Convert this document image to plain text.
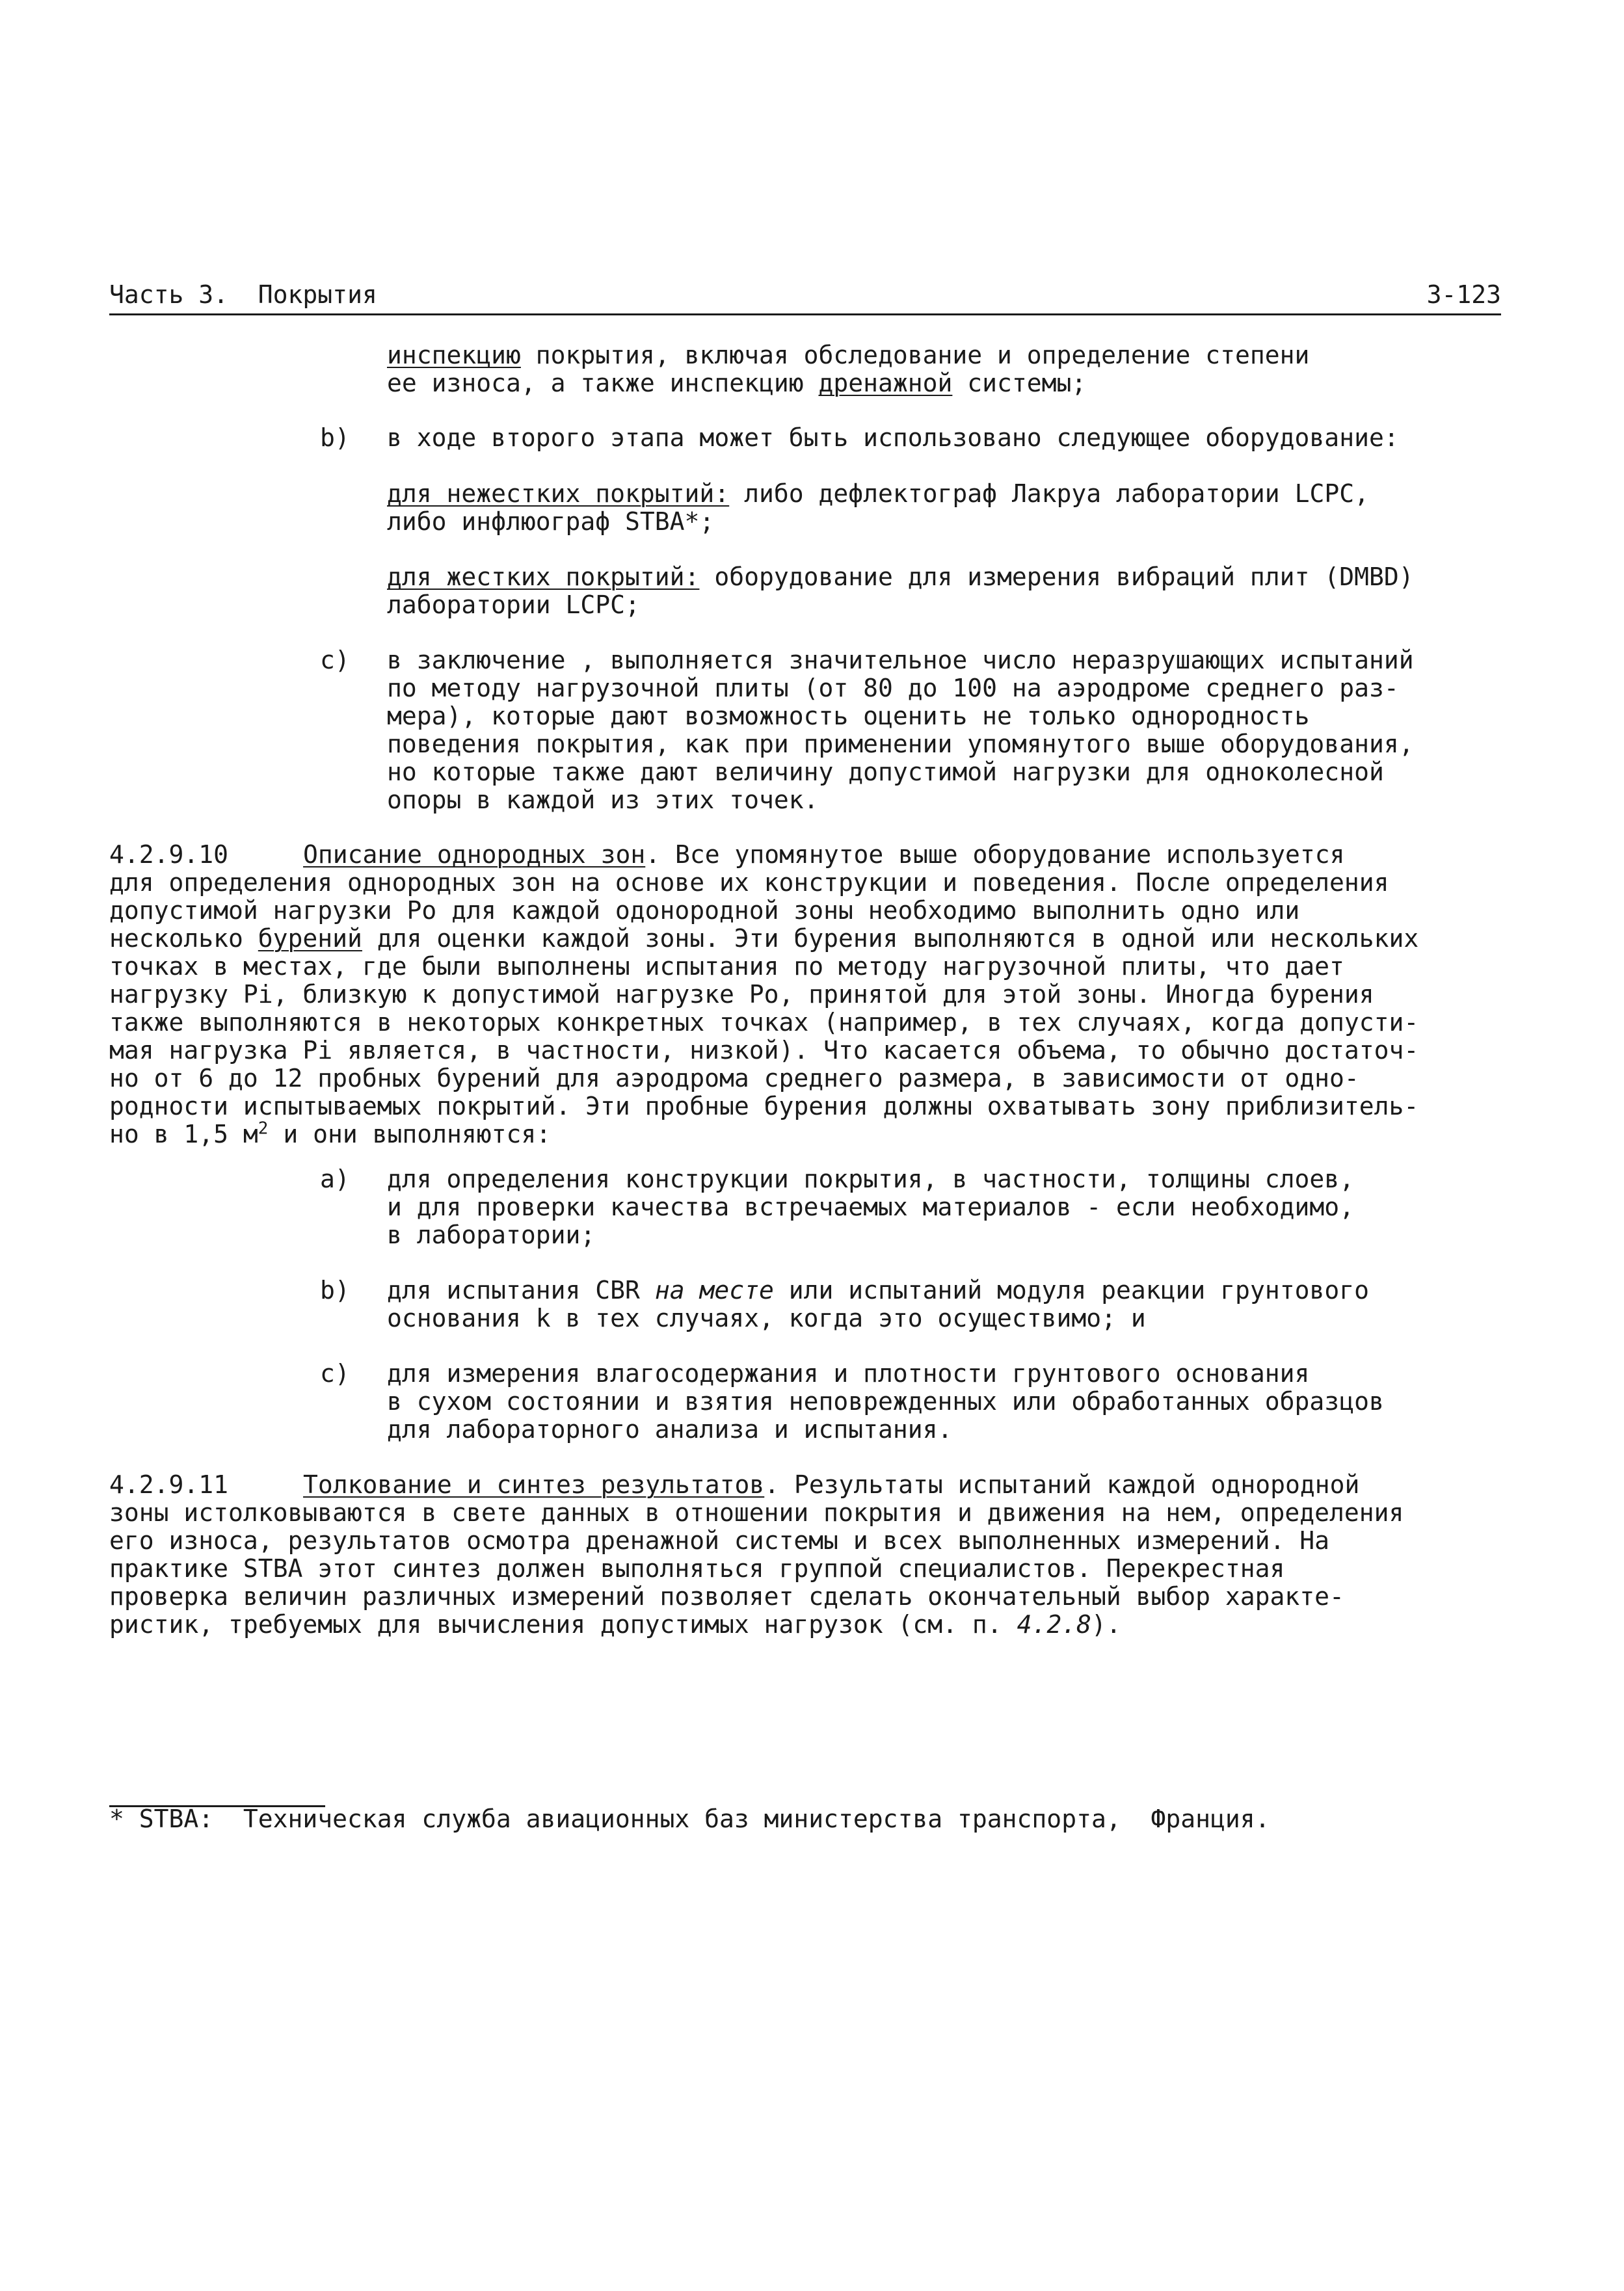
Часть 3. Покрытия	3-123
инспекцию покрытия, включая обследование и определение степени
ее износа, а также инспекцию дренажной системы;
b) в ходе второго этапа может быть использовано следующее оборудование:
для нежестких покрытий: либо дефлектограф Лакруа лаборатории LCPC,
либо инфлюограф STBA*;
для жестких покрытий: оборудование для измерения вибраций плит (DMBD)
лаборатории LCPC;
c) в заключение , выполняется значительное число неразрушающих испытаний
по методу нагрузочной плиты (от 80 до 100 на аэродроме среднего раз-
мера), которые дают возможность оценить не только однородность
поведения покрытия, как при применении упомянутого выше оборудования,
но которые также дают величину допустимой нагрузки для одноколесной
опоры в каждой из этих точек.
4.2.9.10	Описание однородных зон. Все упомянутое выше оборудование используется
для определения однородных зон на основе их конструкции и поведения. После определения
допустимой нагрузки Po для каждой одонородной зоны необходимо выполнить одно или
несколько бурений для оценки каждой зоны. Эти бурения выполняются в одной или нескольких
точках в местах, где были выполнены испытания по методу нагрузочной плиты, что дает
нагрузку Pi, близкую к допустимой нагрузке Po, принятой для этой зоны. Иногда бурения
также выполняются в некоторых конкретных точках (например, в тех случаях, когда допусти-
мая нагрузка Pi является, в частности, низкой). Что касается объема, то обычно достаточ-
но от 6 до 12 пробных бурений для аэродрома среднего размера, в зависимости от одно-
родности испытываемых покрытий. Эти пробные бурения должны охватывать зону приблизитель-
но в 1,5 $м^2$ и они выполняются:
a) для определения конструкции покрытия, в частности, толщины слоев,
и для проверки качества встречаемых материалов - если необходимо,
в лаборатории;
b) для испытания CBR на месте или испытаний модуля реакции грунтового
основания k в тех случаях, когда это осуществимо; и
c) для измерения влагосодержания и плотности грунтового основания
в сухом состоянии и взятия неповрежденных или обработанных образцов
для лабораторного анализа и испытания.
4.2.9.11	Толкование и синтез результатов. Результаты испытаний каждой однородной
зоны истолковываются в свете данных в отношении покрытия и движения на нем, определения
его износа, результатов осмотра дренажной системы и всех выполненных измерений. На
практике STBA этот синтез должен выполняться группой специалистов. Перекрестная
проверка величин различных измерений позволяет сделать окончательный выбор характе-
ристик, требуемых для вычисления допустимых нагрузок (см. п. 4.2.8).
* STBA:  Техническая служба авиационных баз министерства транспорта,  Франция.
